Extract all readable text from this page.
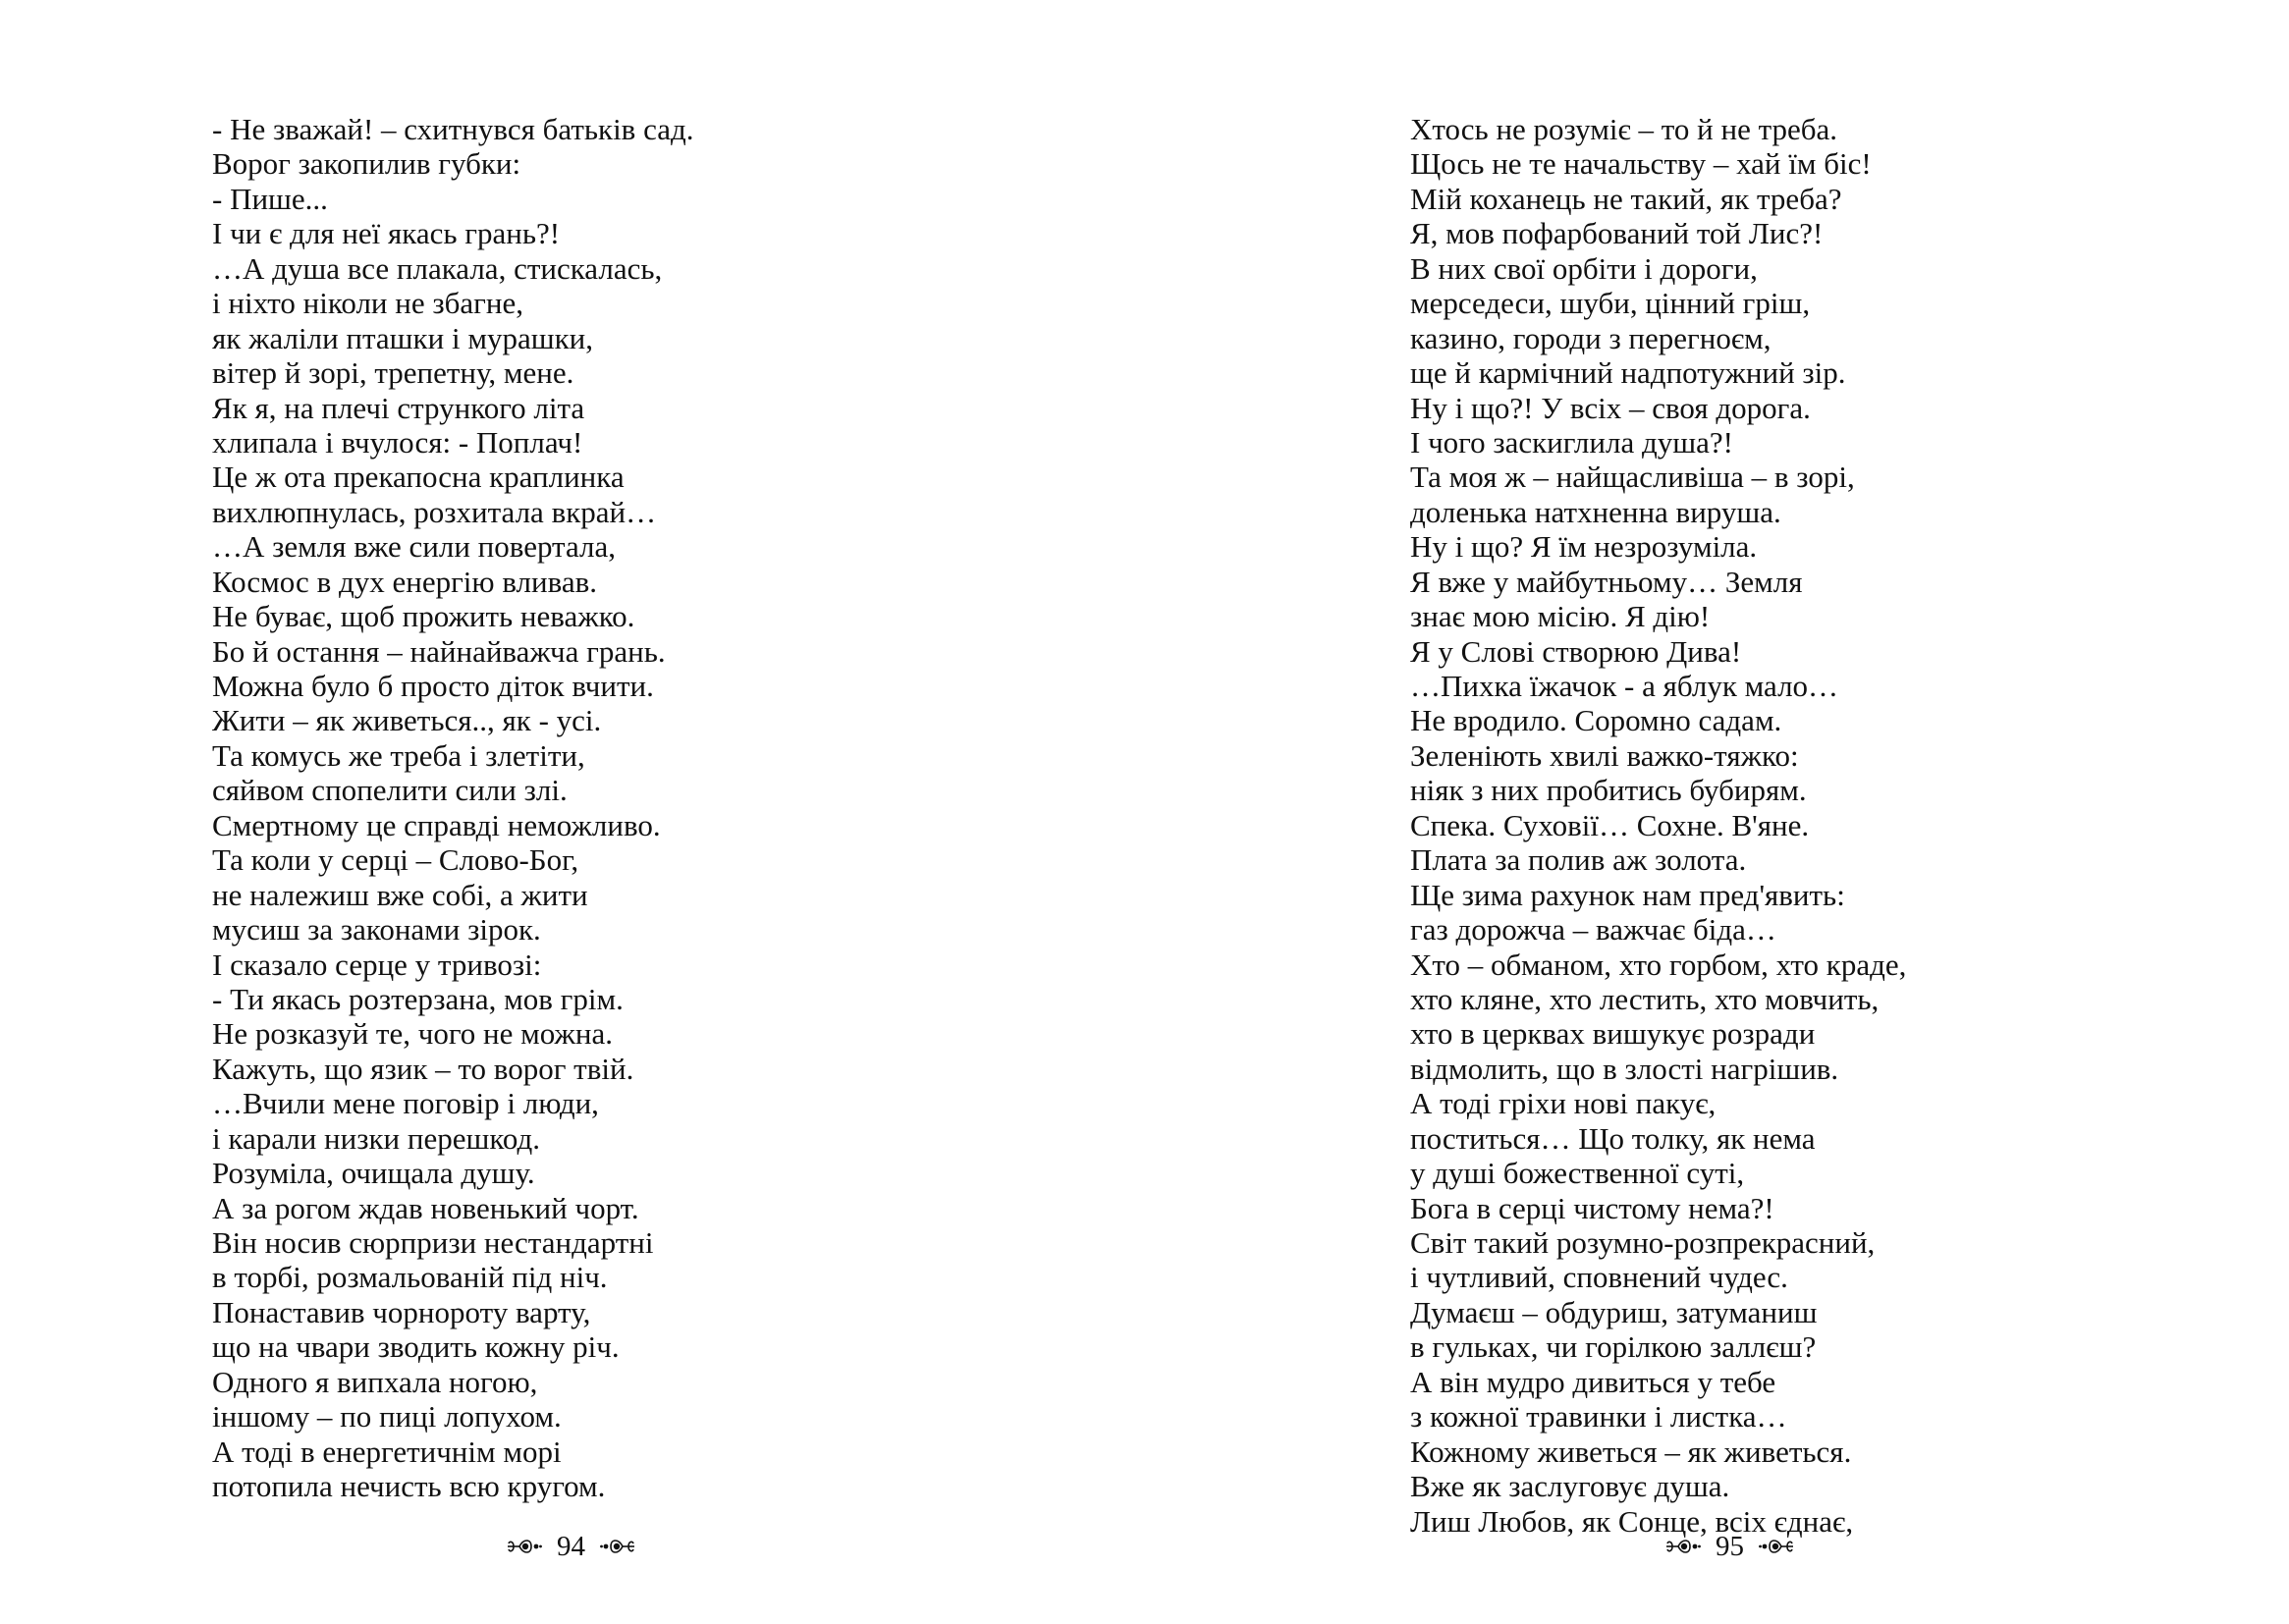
- Не зважай! – схитнувся батьків сад.
Ворог закопилив губки:
- Пише...
І чи є для неї якась грань?!
…А душа все плакала, стискалась,
і ніхто ніколи не збагне,
як жаліли пташки і мурашки,
вітер й зорі, трепетну, мене.
Як я, на плечі стрункого літа
хлипала і вчулося: - Поплач!
Це ж ота прекапосна краплинка
вихлюпнулась, розхитала вкрай…
…А земля вже сили повертала,
Космос в дух енергію вливав.
Не буває, щоб прожить неважко.
Бо й остання – найнайважча грань.
Можна було б просто діток вчити.
Жити – як живеться.., як - усі.
Та комусь же треба і злетіти,
сяйвом спопелити сили злі.
Смертному це справді неможливо.
Та коли у серці – Слово-Бог,
не належиш вже собі, а жити
мусиш за законами зірок.
І сказало серце у тривозі:
- Ти якась розтерзана, мов грім.
Не розказуй те, чого не можна.
Кажуть, що язик – то ворог твій.
…Вчили мене поговір і люди,
і карали низки перешкод.
Розуміла, очищала душу.
А за рогом ждав новенький чорт.
Він носив сюрпризи нестандартні
в торбі, розмальованій під ніч.
Понаставив чорнороту варту,
що на чвари зводить кожну річ.
Одного я випхала ногою,
іншому – по пиці лопухом.
А тоді в енергетичнім морі
потопила нечисть всю кругом.
94
Хтось не розуміє – то й не треба.
Щось не те начальству – хай їм біс!
Мій коханець не такий, як треба?
Я, мов пофарбований той Лис?!
В них свої орбіти і дороги,
мерседеси, шуби, цінний гріш,
казино, городи з перегноєм,
ще й кармічний надпотужний зір.
Ну і що?! У всіх – своя дорога.
І чого заскиглила душа?!
Та моя ж – найщасливіша – в зорі,
доленька натхненна вируша.
Ну і що? Я їм незрозуміла.
Я вже у майбутньому… Земля
знає мою місію. Я дію!
Я у Слові створюю Дива!
…Пихка їжачок - а яблук мало…
Не вродило. Соромно садам.
Зеленіють хвилі важко-тяжко:
ніяк з них пробитись бубирям.
Спека. Суховії… Сохне. В'яне.
Плата за полив аж золота.
Ще зима рахунок нам пред'явить:
газ дорожча – важчає біда…
Хто – обманом, хто горбом, хто краде,
хто кляне, хто лестить, хто мовчить,
хто в церквах вишукує розради
відмолить, що в злості нагрішив.
А тоді гріхи нові пакує,
поститься… Що толку, як нема
у душі божественної суті,
Бога в серці чистому нема?!
Світ такий розумно-розпрекрасний,
і чутливий, сповнений чудес.
Думаєш – обдуриш, затуманиш
в гульках, чи горілкою заллєш?
А він мудро дивиться у тебе
з кожної травинки і листка…
Кожному живеться – як живеться.
Вже як заслуговує душа.
Лиш Любов, як Сонце, всіх єднає,
95
